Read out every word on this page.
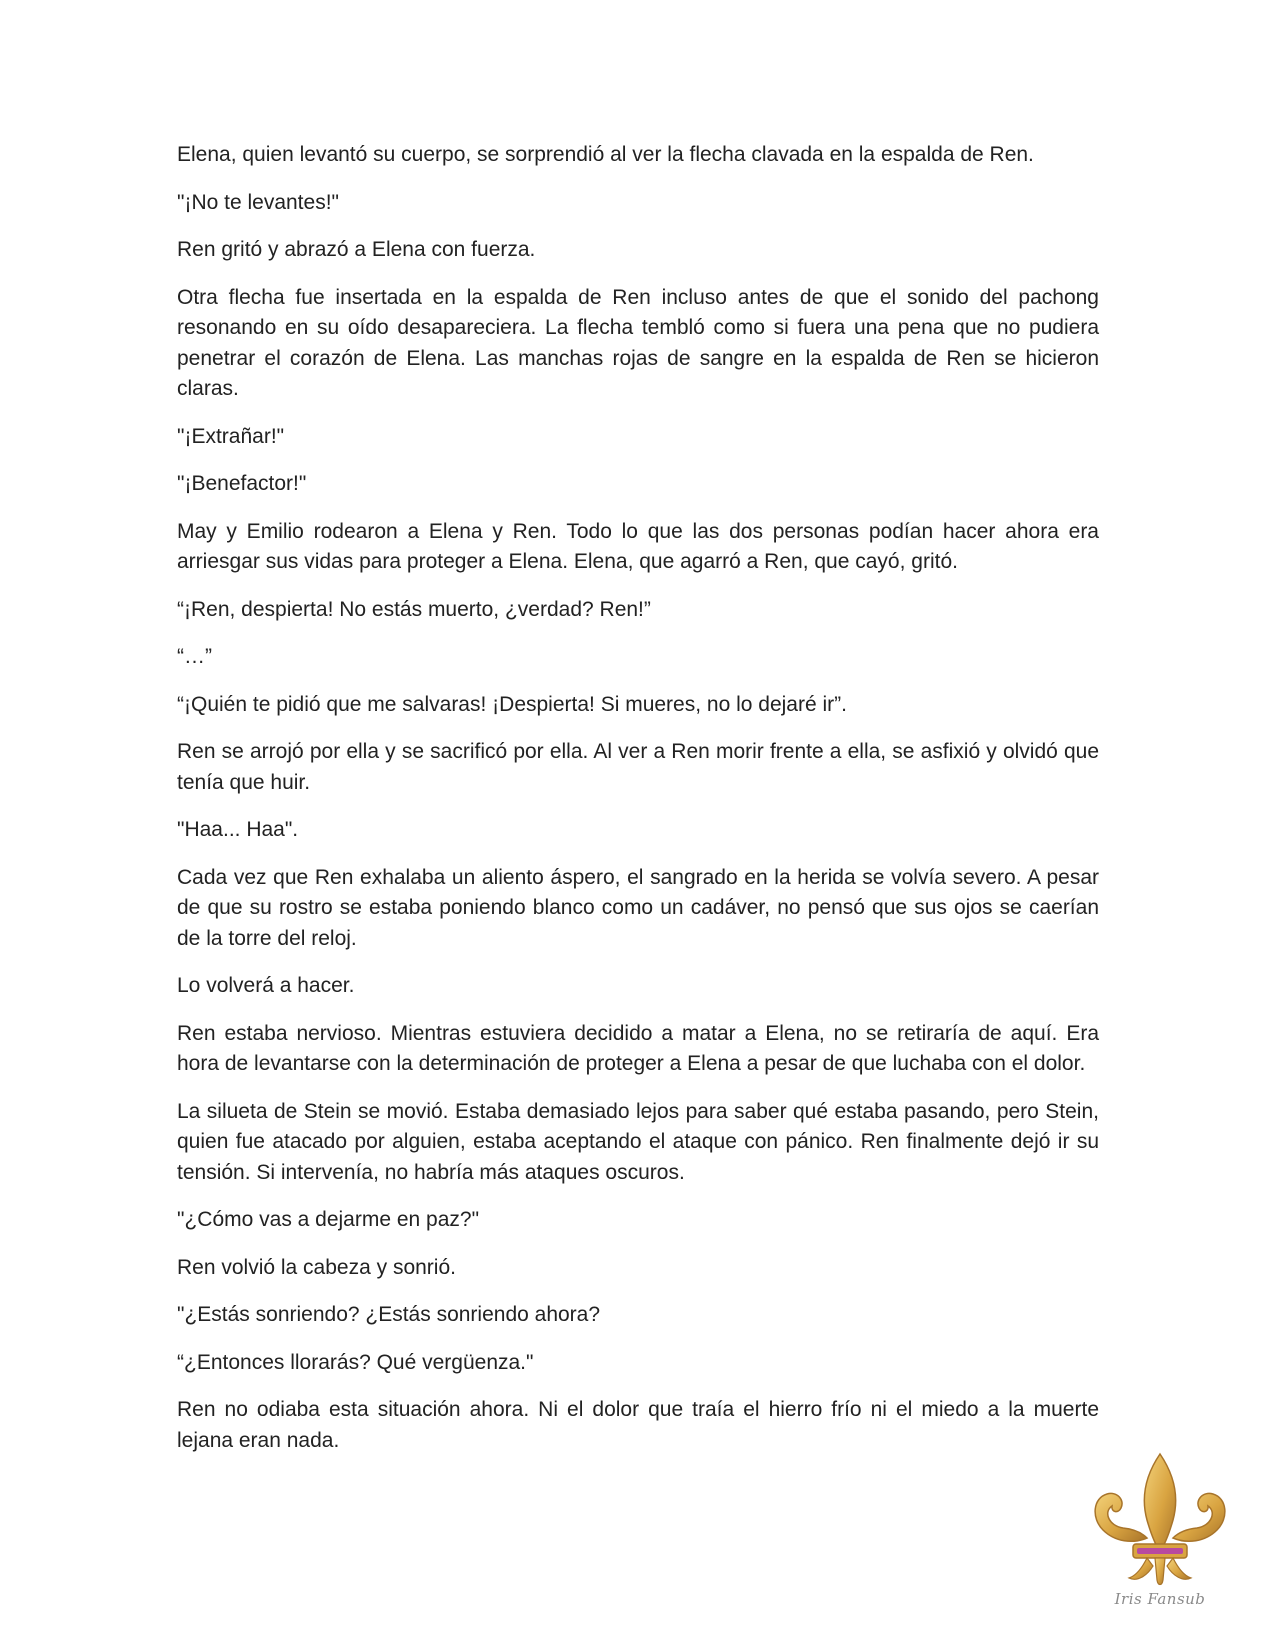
Elena, quien levantó su cuerpo, se sorprendió al ver la flecha clavada en la espalda de Ren.

"¡No te levantes!"

Ren gritó y abrazó a Elena con fuerza.

Otra flecha fue insertada en la espalda de Ren incluso antes de que el sonido del pachong resonando en su oído desapareciera. La flecha tembló como si fuera una pena que no pudiera penetrar el corazón de Elena. Las manchas rojas de sangre en la espalda de Ren se hicieron claras.

"¡Extrañar!"

"¡Benefactor!"

May y Emilio rodearon a Elena y Ren. Todo lo que las dos personas podían hacer ahora era arriesgar sus vidas para proteger a Elena. Elena, que agarró a Ren, que cayó, gritó.

“¡Ren, despierta! No estás muerto, ¿verdad? Ren!”

“…”

“¡Quién te pidió que me salvaras! ¡Despierta! Si mueres, no lo dejaré ir”.

Ren se arrojó por ella y se sacrificó por ella. Al ver a Ren morir frente a ella, se asfixió y olvidó que tenía que huir.

"Haa... Haa".

Cada vez que Ren exhalaba un aliento áspero, el sangrado en la herida se volvía severo. A pesar de que su rostro se estaba poniendo blanco como un cadáver, no pensó que sus ojos se caerían de la torre del reloj.

Lo volverá a hacer.

Ren estaba nervioso. Mientras estuviera decidido a matar a Elena, no se retiraría de aquí. Era hora de levantarse con la determinación de proteger a Elena a pesar de que luchaba con el dolor.

La silueta de Stein se movió. Estaba demasiado lejos para saber qué estaba pasando, pero Stein, quien fue atacado por alguien, estaba aceptando el ataque con pánico. Ren finalmente dejó ir su tensión. Si intervenía, no habría más ataques oscuros.

"¿Cómo vas a dejarme en paz?"

Ren volvió la cabeza y sonrió.

"¿Estás sonriendo? ¿Estás sonriendo ahora?

“¿Entonces llorarás? Qué vergüenza."

Ren no odiaba esta situación ahora. Ni el dolor que traía el hierro frío ni el miedo a la muerte lejana eran nada.

Iris Fansub
